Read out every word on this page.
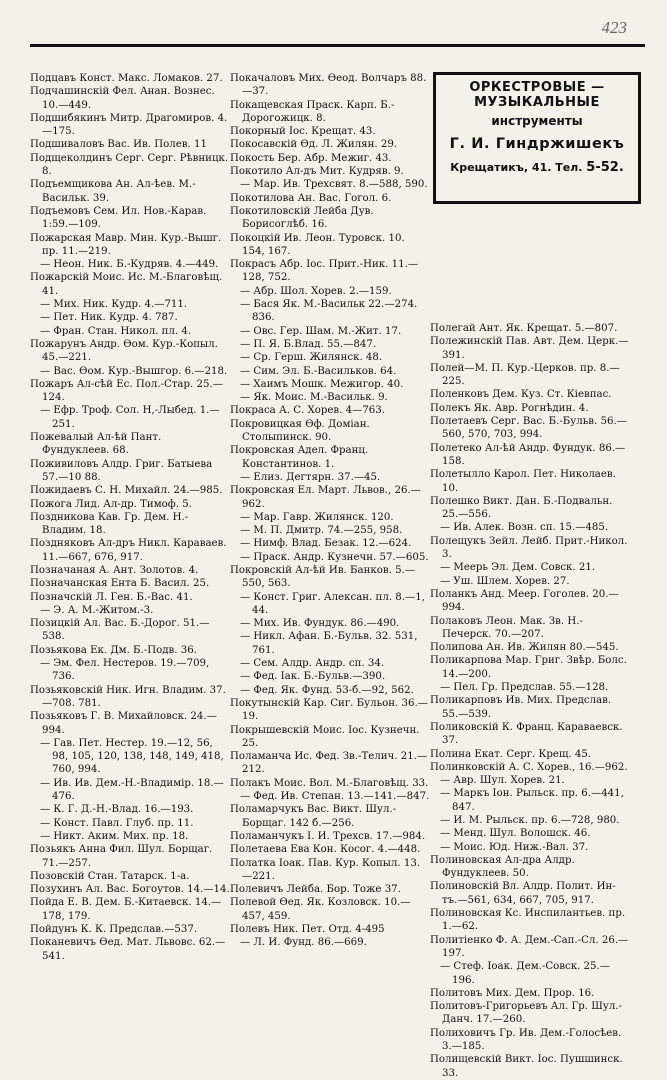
423
Подцавъ Конст. Макс. Ломаков. 27.
Подчашинскій Фел. Анан. Вознес. 10.—449.
Подшибякинъ Митр. Драгомиров. 4.—175.
Подшиваловъ Вас. Ив. Полев. 11
Подщеколдинъ Серг. Серг. Рѣвницк. 8.
Подъемщикова Ан. Ал-ѣев. М.-Васильк. 39.
Подъемовъ Сем. Ил. Нов.-Карав. 1:59.—109.
Пожарская Мавр. Мин. Кур.-Вышг. пр. 11.—219.
— Неон. Ник. Б.-Кудряв. 4.—449.
Пожарскій Моис. Ис. М.-Благовѣщ. 41.
— Мих. Ник. Кудр. 4.—711.
— Пет. Ник. Кудр. 4. 787.
— Фран. Стан. Никол. пл. 4.
Пожарунъ Андр. Ѳом. Кур.-Копыл. 45.—221.
— Вас. Ѳом. Кур.-Вышгор. 6.—218.
Пожаръ Ал-сѣй Ес. Пол.-Стар. 25.—124.
— Ефр. Троф. Сол. Н,-Лыбед. 1.—251.
Пожевалый Ал-ѣй Пант. Фундуклеев. 68.
Поживиловъ Алдр. Григ. Батыева 57.—10 88.
Пожидаевъ С. Н. Михайл. 24.—985.
Пожога Лид. Ал-др. Тимоф. 5.
Поздникова Кав. Гр. Дем. Н.-Владим. 18.
Поздняковъ Ал-дръ Никл. Караваев. 11.—667, 676, 917.
Позначаная А. Ант. Золотов. 4.
Позначанская Ента Б. Васил. 25.
Позначскій Л. Ген. Б.-Вас. 41.
— Э. А. М.-Житом.-3.
Позицкій Ал. Вас. Б.-Дорог. 51.—538.
Позьякова Ек. Дм. Б.-Подв. 36.
— Эм. Фел. Нестеров. 19.—709, 736.
Позьяковскій Ник. Игн. Владим. 37.—708. 781.
Позьяковъ Г. В. Михайловск. 24.—994.
— Гав. Пет. Нестер. 19.—12, 56, 98, 105, 120, 138, 148, 149, 418, 760, 994.
— Ив. Ив. Дем.-Н.-Владимір. 18.—476.
— К. Г. Д.-Н.-Влад. 16.—193.
— Конст. Павл. Глуб. пр. 11.
— Никт. Аким. Мих. пр. 18.
Позьякъ Анна Фил. Шул. Борщаг. 71.—257.
Позовскій Стан. Татарск. 1-а.
Позухинъ Ал. Вас. Богоутов. 14.—14.
Пойда Е. В. Дем. Б.-Китаевск. 14.—178, 179.
Пойдунъ К. К. Предслав.—537.
Поканевичъ Ѳед. Мат. Львовс. 62.—541.
Покачаловъ Мих. Ѳеод. Волчаръ 88.—37.
Покащевская Праск. Карп. Б.-Дорогожицк. 8.
Покорный Іос. Крещат. 43.
Покосавскій Ѳд. Л. Жилян. 29.
Покость Бер. Абр. Межиг. 43.
Покотило Ал-дъ Мит. Кудряв. 9.
— Мар. Ив. Трехсвят. 8.—588, 590.
Покотилова Ан. Вас. Гогол. 6.
Покотиловскій Лейба Дув. Борисоглѣб. 16.
Покоцкій Ив. Леон. Туровск. 10. 154, 167.
Покрасъ Абр. Іос. Прит.-Ник. 11.—128, 752.
— Абр. Шол. Хорев. 2.—159.
— Бася Як. М.-Васильк 22.—274. 836.
— Овс. Гер. Шам. М.-Жит. 17.
— П. Я. Б.Влад. 55.—847.
— Ср. Герш. Жилянск. 48.
— Сим. Эл. Б.-Васильков. 64.
— Хаимъ Мошк. Межигор. 40.
— Як. Моис. М.-Васильк. 9.
Покраса А. С. Хорев. 4—763.
Покровицкая Ѳф. Доміан. Столыпинск. 90.
Покровская Адел. Франц. Константинов. 1.
— Елиз. Дегтярн. 37.—45.
Покровская Ел. Март. Львов., 26.—962.
— Мар. Гавр. Жилянск. 120.
— М. П. Дмитр. 74.—255, 958.
— Нимф. Влад. Безак. 12.—624.
— Праск. Андр. Кузнечн. 57.—605.
Покровскій Ал-ѣй Ив. Банков. 5.—550, 563.
— Конст. Григ. Алексан. пл. 8.—1, 44.
— Мих. Ив. Фундук. 86.—490.
— Никл. Афан. Б.-Бульв. 32. 531, 761.
— Сем. Алдр. Андр. сп. 34.
— Фед. Iак. Б.-Бульв.—390.
— Фед. Як. Фунд. 53-б.—92, 562.
Покутынскій Кар. Сиг. Бульон. 36.—19.
Покрышевскій Моис. Іос. Кузнечн. 25.
Поламанча Ис. Фед. Зв.-Телич. 21.—212.
Полакъ Моис. Вол. М.-Благовѣщ. 33.
— Фед. Ив. Степан. 13.—141.—847.
Поламарчукъ Вас. Викт. Шул.-Борщаг. 142 б.—256.
Поламанчукъ I. И. Трехсв. 17.—984.
Полетаева Ева Кон. Косог. 4.—448.
Полатка Іоак. Пав. Кур. Копыл. 13.—221.
Полевичъ Лейба. Бор. Тоже 37.
Полевой Ѳед. Як. Козловск. 10.—457, 459.
Полевъ Ник. Пет. Отд. 4-495
— Л. И. Фунд. 86.—669.
ОРКЕСТРОВЫЕ —
МУЗЫКАЛЬНЫЕ
инструменты
Г. И. Гиндржишекъ
Крещатикъ, 41. Тел. 5-52.
Полегай Ант. Як. Крещат. 5.—807.
Полежинскій Пав. Авт. Дем. Церк.—391.
Полей—М. П. Кур.-Церков. пр. 8.—225.
Поленковъ Дем. Куз. Ст. Кіевпас.
Полекъ Як. Авр. Рогнѣдин. 4.
Полетаевъ Серг. Вас. Б.-Бульв. 56.—560, 570, 703, 994.
Полетеко Ал-ѣй Андр. Фундук. 86.—158.
Полетылло Карол. Пет. Николаев. 10.
Полешко Викт. Дан. Б.-Подвальн. 25.—556.
— Ив. Алек. Возн. сп. 15.—485.
Полещукъ Зейл. Лейб. Прит.-Никол. 3.
— Меерь Эл. Дем. Совск. 21.
— Уш. Шлем. Хорев. 27.
Поланкъ Анд. Меер. Гоголев. 20.—994.
Полаковъ Леон. Мак. Зв. Н.-Печерск. 70.—207.
Полипова Ан. Ив. Жилян 80.—545.
Поликарпова Мар. Григ. Звѣр. Болс. 14.—200.
— Пел. Гр. Предслав. 55.—128.
Поликарповъ Ив. Мих. Предслав. 55.—539.
Поликовскій К. Франц. Караваевск. 37.
Полина Екат. Серг. Крещ. 45.
Полинковскій А. С. Хорев., 16.—962.
— Авр. Шул. Хорев. 21.
— Маркъ Іон. Рыльск. пр. 6.—441, 847.
— И. М. Рыльск. пр. 6.—728, 980.
— Менд. Шул. Волошск. 46.
— Моис. Юд. Ниж.-Вал. 37.
Полиновская Ал-дра Алдр. Фундуклеев. 50.
Полиновскій Вл. Алдр. Полит. Ин-тъ.—561, 634, 667, 705, 917.
Полиновская Кс. Инспилантьев. пр. 1.—62.
Политіенко Ф. А. Дем.-Сап.-Сл. 26.—197.
— Стеф. Іоак. Дем.-Совск. 25.—196.
Политовъ Мих. Дем. Прор. 16.
Политовъ-Григорьевъ Ал. Гр. Шул.-Данч. 17.—260.
Полиховичъ Гр. Ив. Дем.-Голосѣев. 3.—185.
Полищевскій Викт. Іос. Пушшинск. 33.
